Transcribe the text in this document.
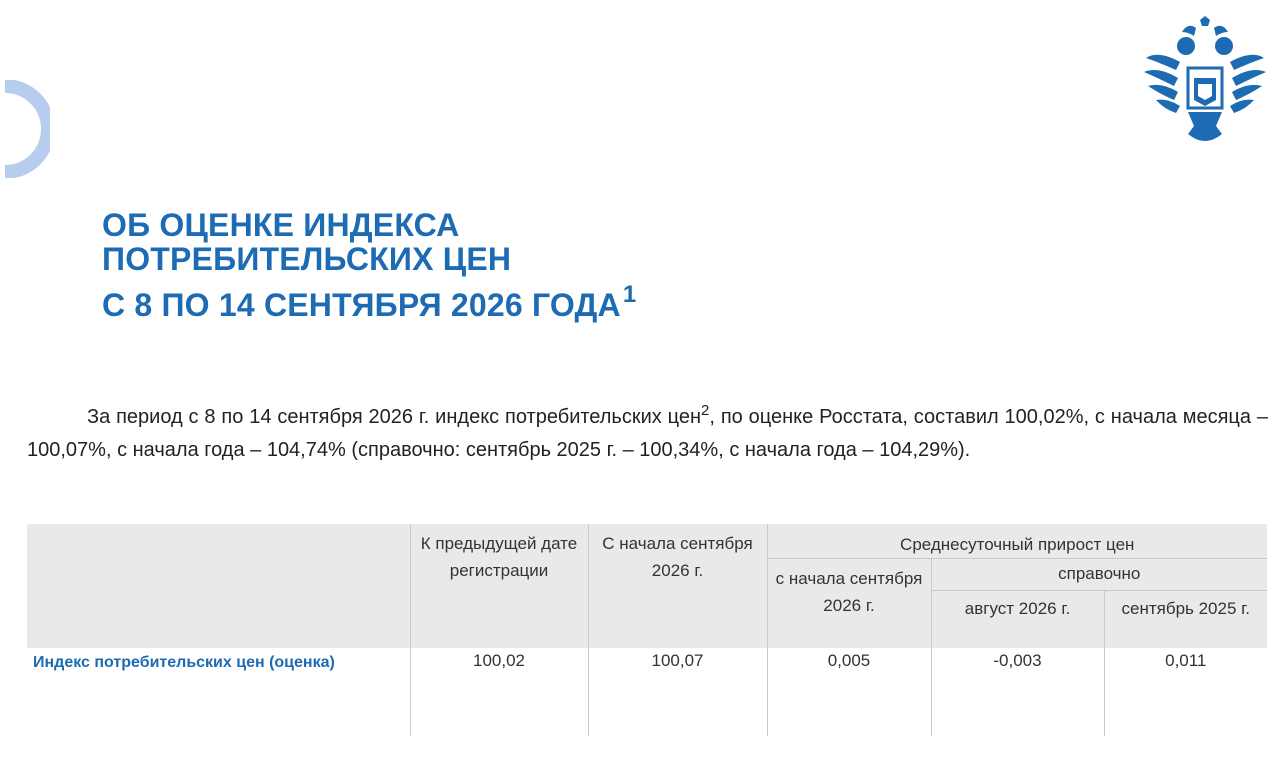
ОБ ОЦЕНКЕ ИНДЕКСА
ПОТРЕБИТЕЛЬСКИХ ЦЕН
С 8 ПО 14 СЕНТЯБРЯ 2026 ГОДА$^1$

За период с 8 по 14 сентября 2026 г. индекс потребительских цен$^2$, по оценке Росстата, составил 100,02%, с начала месяца – 100,07%, с начала года – 104,74% (справочно: сентябрь 2025 г. – 100,34%, с начала года – 104,29%).

	К предыдущей дате регистрации	С начала сентября 2026 г.	Среднесуточный прирост цен		
			с начала сентября 2026 г.	справочно	
				август 2026 г.	сентябрь 2025 г.
Индекс потребительских цен (оценка)	100,02	100,07	0,005	-0,003	0,011
